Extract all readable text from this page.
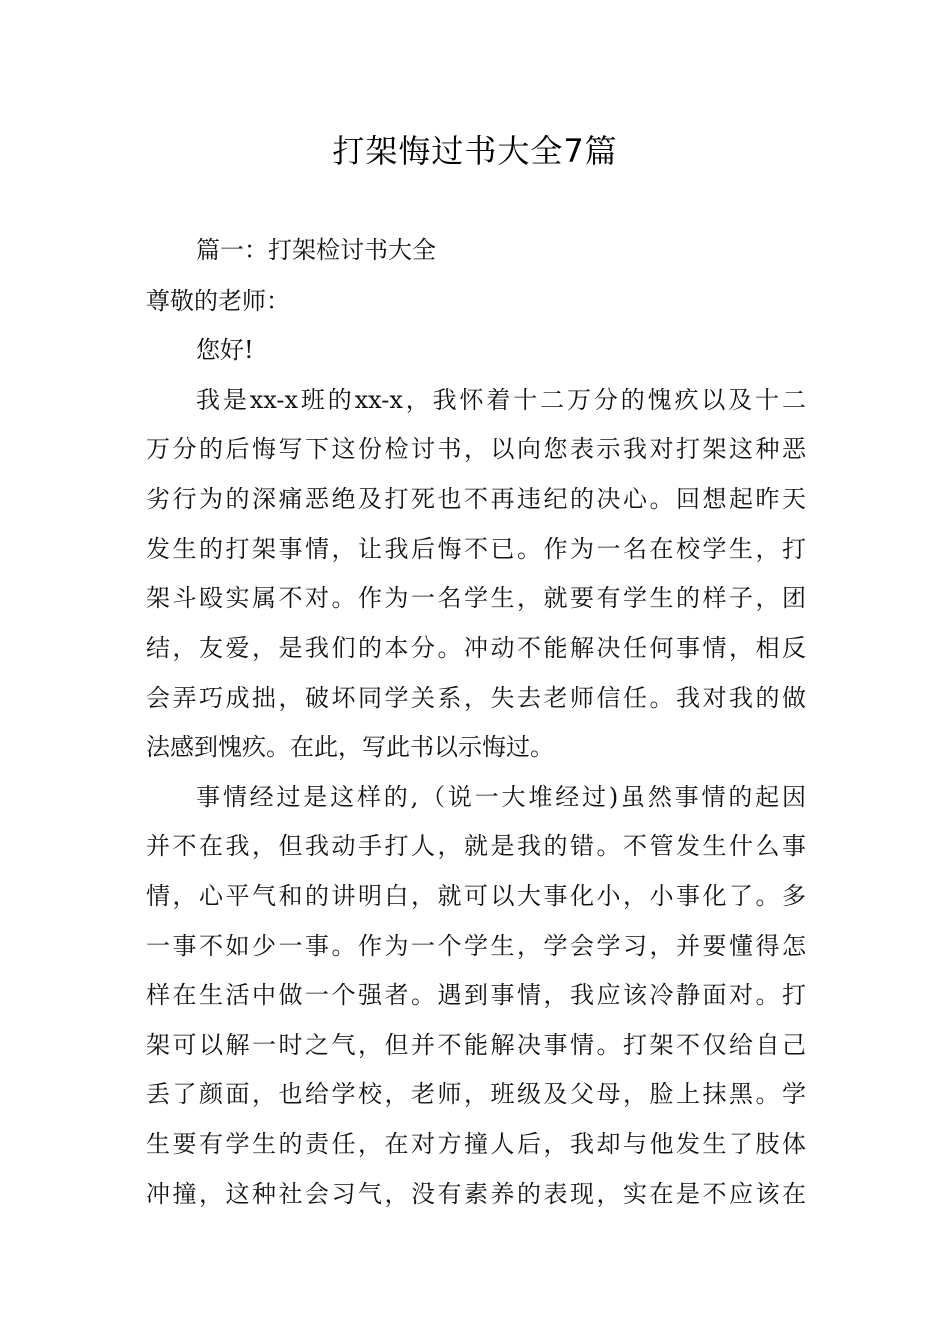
打架悔过书大全7篇
篇一：打架检讨书大全
尊敬的老师：
您好!
我是xx-x班的xx-x，我怀着十二万分的愧疚以及十二
万分的后悔写下这份检讨书，以向您表示我对打架这种恶
劣行为的深痛恶绝及打死也不再违纪的决心。回想起昨天
发生的打架事情，让我后悔不已。作为一名在校学生，打
架斗殴实属不对。作为一名学生，就要有学生的样子，团
结，友爱，是我们的本分。冲动不能解决任何事情，相反
会弄巧成拙，破坏同学关系，失去老师信任。我对我的做
法感到愧疚。在此，写此书以示悔过。
事情经过是这样的,（说一大堆经过)虽然事情的起因
并不在我，但我动手打人，就是我的错。不管发生什么事
情，心平气和的讲明白，就可以大事化小，小事化了。多
一事不如少一事。作为一个学生，学会学习，并要懂得怎
样在生活中做一个强者。遇到事情，我应该冷静面对。打
架可以解一时之气，但并不能解决事情。打架不仅给自己
丢了颜面，也给学校，老师，班级及父母，脸上抹黑。学
生要有学生的责任，在对方撞人后，我却与他发生了肢体
冲撞，这种社会习气，没有素养的表现，实在是不应该在
